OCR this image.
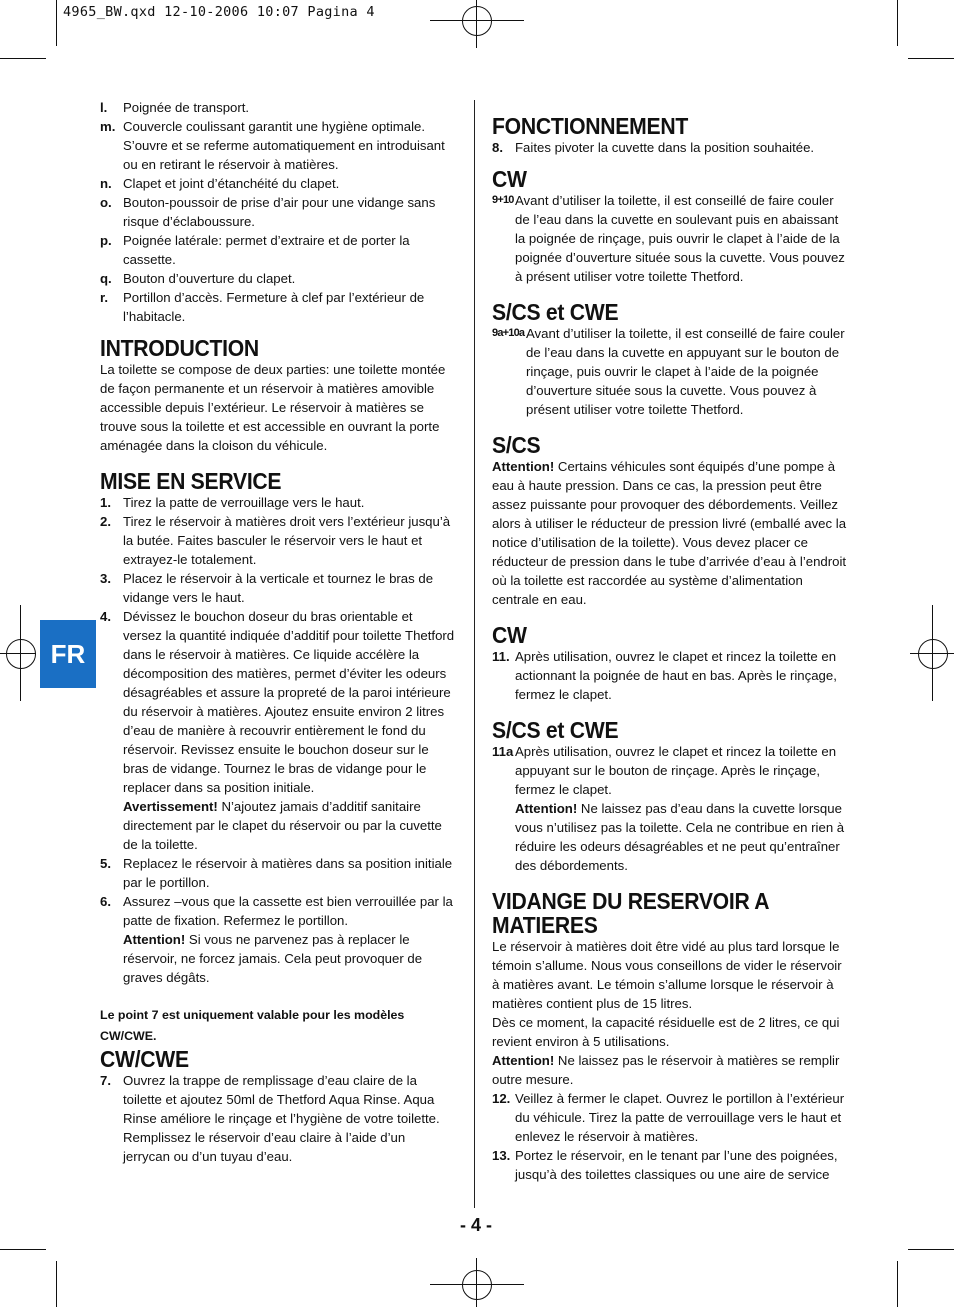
4965_BW.qxd 12-10-2006 10:07 Pagina 4
FR
l.	Poignée de transport.
m. Couvercle coulissant garantit une hygiène optimale. S’ouvre et se referme automatiquement en introduisant ou en retirant le réservoir à matières.
n. Clapet et joint d’étanchéité du clapet.
o. Bouton-poussoir de prise d’air pour une vidange sans risque d’éclaboussure.
p. Poignée latérale: permet d’extraire et de porter la cassette.
q. Bouton d’ouverture du clapet.
r.	Portillon d’accès. Fermeture à clef par l’extérieur de l’habitacle.
INTRODUCTION

La toilette se compose de deux parties: une toilette montée de façon permanente et un réservoir à matières amovible accessible depuis l’extérieur. Le réservoir à matières se trouve sous la toilette et est accessible en ouvrant la porte aménagée dans la cloison du véhicule.

MISE EN SERVICE
1. Tirez la patte de verrouillage vers le haut.
2. Tirez le réservoir à matières droit vers l’extérieur jusqu’à la butée. Faites basculer le réservoir vers le haut et extrayez-le totalement.
3. Placez le réservoir à la verticale et tournez le bras de vidange vers le haut.
4. Dévissez le bouchon doseur du bras orientable et versez la quantité indiquée d’additif pour toilette Thetford dans le réservoir à matières. Ce liquide accélère la décomposition des matières, permet d’éviter les odeurs désagréables et assure la propreté de la paroi intérieure du réservoir à matières. Ajoutez ensuite environ 2 litres d’eau de manière à recouvrir entièrement le fond du réservoir. Revissez ensuite le bouchon doseur sur le bras de vidange. Tournez le bras de vidange pour le replacer dans sa position initiale.
Avertissement! N’ajoutez jamais d’additif sanitaire directement par le clapet du réservoir ou par la cuvette de la toilette.
5. Replacez le réservoir à matières dans sa position initiale par le portillon.
6. Assurez –vous que la cassette est bien verrouillée par la patte de fixation. Refermez le portillon.
Attention! Si vous ne parvenez pas à replacer le réservoir, ne forcez jamais. Cela peut provoquer de graves dégâts.

Le point 7 est uniquement valable pour les modèles CW/CWE.

CW/CWE
7. Ouvrez la trappe de remplissage d’eau claire de la toilette et ajoutez 50ml de Thetford Aqua Rinse. Aqua Rinse améliore le rinçage et l’hygiène de votre toilette. Remplissez le réservoir d’eau claire à l’aide d’un jerrycan ou d’un tuyau d’eau.
FONCTIONNEMENT
8. Faites pivoter la cuvette dans la position souhaitée.
CW
9+10 Avant d’utiliser la toilette, il est conseillé de faire couler de l’eau dans la cuvette en soulevant puis en abaissant la poignée de rinçage, puis ouvrir le clapet à l’aide de la poignée d’ouverture située sous la cuvette. Vous pouvez à présent utiliser votre toilette Thetford.
S/CS et CWE
9a+10a Avant d’utiliser la toilette, il est conseillé de faire couler de l’eau dans la cuvette en appuyant sur le bouton de rinçage, puis ouvrir le clapet à l’aide de la poignée d’ouverture située sous la cuvette. Vous pouvez à présent utiliser votre toilette Thetford.
S/CS

Attention! Certains véhicules sont équipés d’une pompe à eau à haute pression. Dans ce cas, la pression peut être assez puissante pour provoquer des débordements. Veillez alors à utiliser le réducteur de pression livré (emballé avec la notice d’utilisation de la toilette). Vous devez placer ce réducteur de pression dans le tube d’arrivée d’eau à l’endroit où la toilette est raccordée au système d’alimentation centrale en eau.

CW
11. Après utilisation, ouvrez le clapet et rincez la toilette en actionnant la poignée de haut en bas. Après le rinçage, fermez le clapet.
S/CS et CWE
11a Après utilisation, ouvrez le clapet et rincez la toilette en appuyant sur le bouton de rinçage. Après le rinçage, fermez le clapet.
Attention! Ne laissez pas d’eau dans la cuvette lorsque vous n’utilisez pas la toilette. Cela ne contribue en rien à réduire les odeurs désagréables et ne peut qu’entraîner des débordements.
VIDANGE DU RESERVOIR A MATIERES

Le réservoir à matières doit être vidé au plus tard lorsque le témoin s’allume. Nous vous conseillons de vider le réservoir à matières avant. Le témoin s’allume lorsque le réservoir à matières contient plus de 15 litres.

Dès ce moment, la capacité résiduelle est de 2 litres, ce qui revient environ à 5 utilisations.

Attention! Ne laissez pas le réservoir à matières se remplir outre mesure.

12. Veillez à fermer le clapet. Ouvrez le portillon à l’extérieur du véhicule. Tirez la patte de verrouillage vers le haut et enlevez le réservoir à matières.
13. Portez le réservoir, en le tenant par l’une des poignées, jusqu’à des toilettes classiques ou une aire de service
- 4 -
